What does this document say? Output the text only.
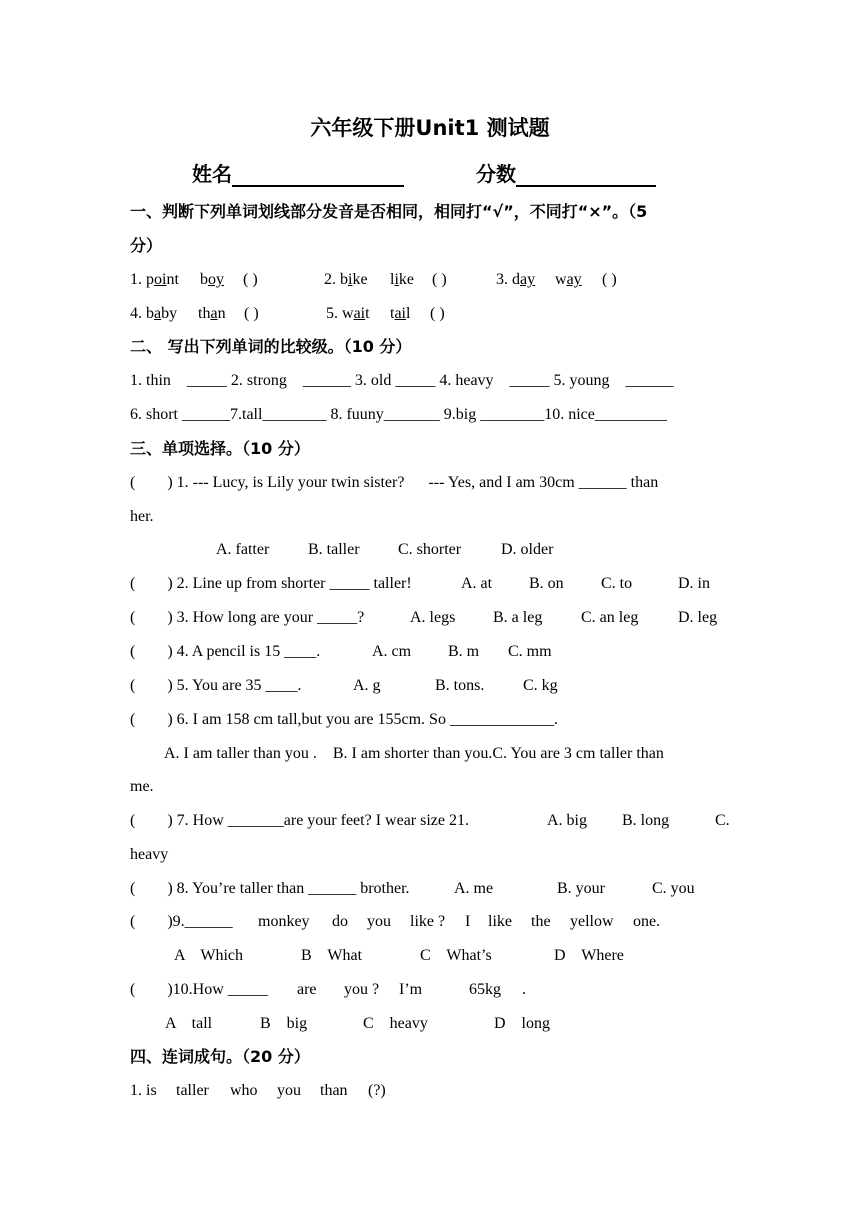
六年级下册Unit1 测试题
姓名	分数
一、判断下列单词划线部分发音是否相同，相同打“√”，不同打“×”。（5
分）
1. point boy ( )	2. bike like ( )	3. day way ( )
4. baby than ( )	5. wait tail ( )
二、 写出下列单词的比较级。（10 分）
1. thin    _____ 2. strong    ______ 3. old _____ 4. heavy    _____ 5. young    ______
6. short ______7.tall________ 8. fuuny_______ 9.big ________10. nice_________
三、单项选择。（10 分）
(        ) 1. --- Lucy, is Lily your twin sister?      --- Yes, and I am 30cm ______ than
her.
A. fatter B. taller C. shorter D. older
(        ) 2. Line up from shorter _____ taller!	A. at B. on C. to	D. in
(        ) 3. How long are your _____?	A. legs B. a leg C. an leg D. leg
(        ) 4. A pencil is 15 ____.	A. cm B. m C. mm
(        ) 5. You are 35 ____.	A. g	B. tons. C. kg
(        ) 6. I am 158 cm tall,but you are 155cm. So _____________.
A. I am taller than you .    B. I am shorter than you.C. You are 3 cm taller than
me.
(        ) 7. How _______are your feet? I wear size 21.	A. big B. long	C.
heavy
(        ) 8. You’re taller than ______ brother.	A. me	B. your	C. you
(        )9.______ monkey do you like ? I like the yellow one.
A    Which	B    What	C    What’s	D    Where
(        )10.How _____ are you ? I’m	65kg .
A    tall	B    big	C    heavy	D    long
四、连词成句。（20 分）
1. is taller who you than (?)
